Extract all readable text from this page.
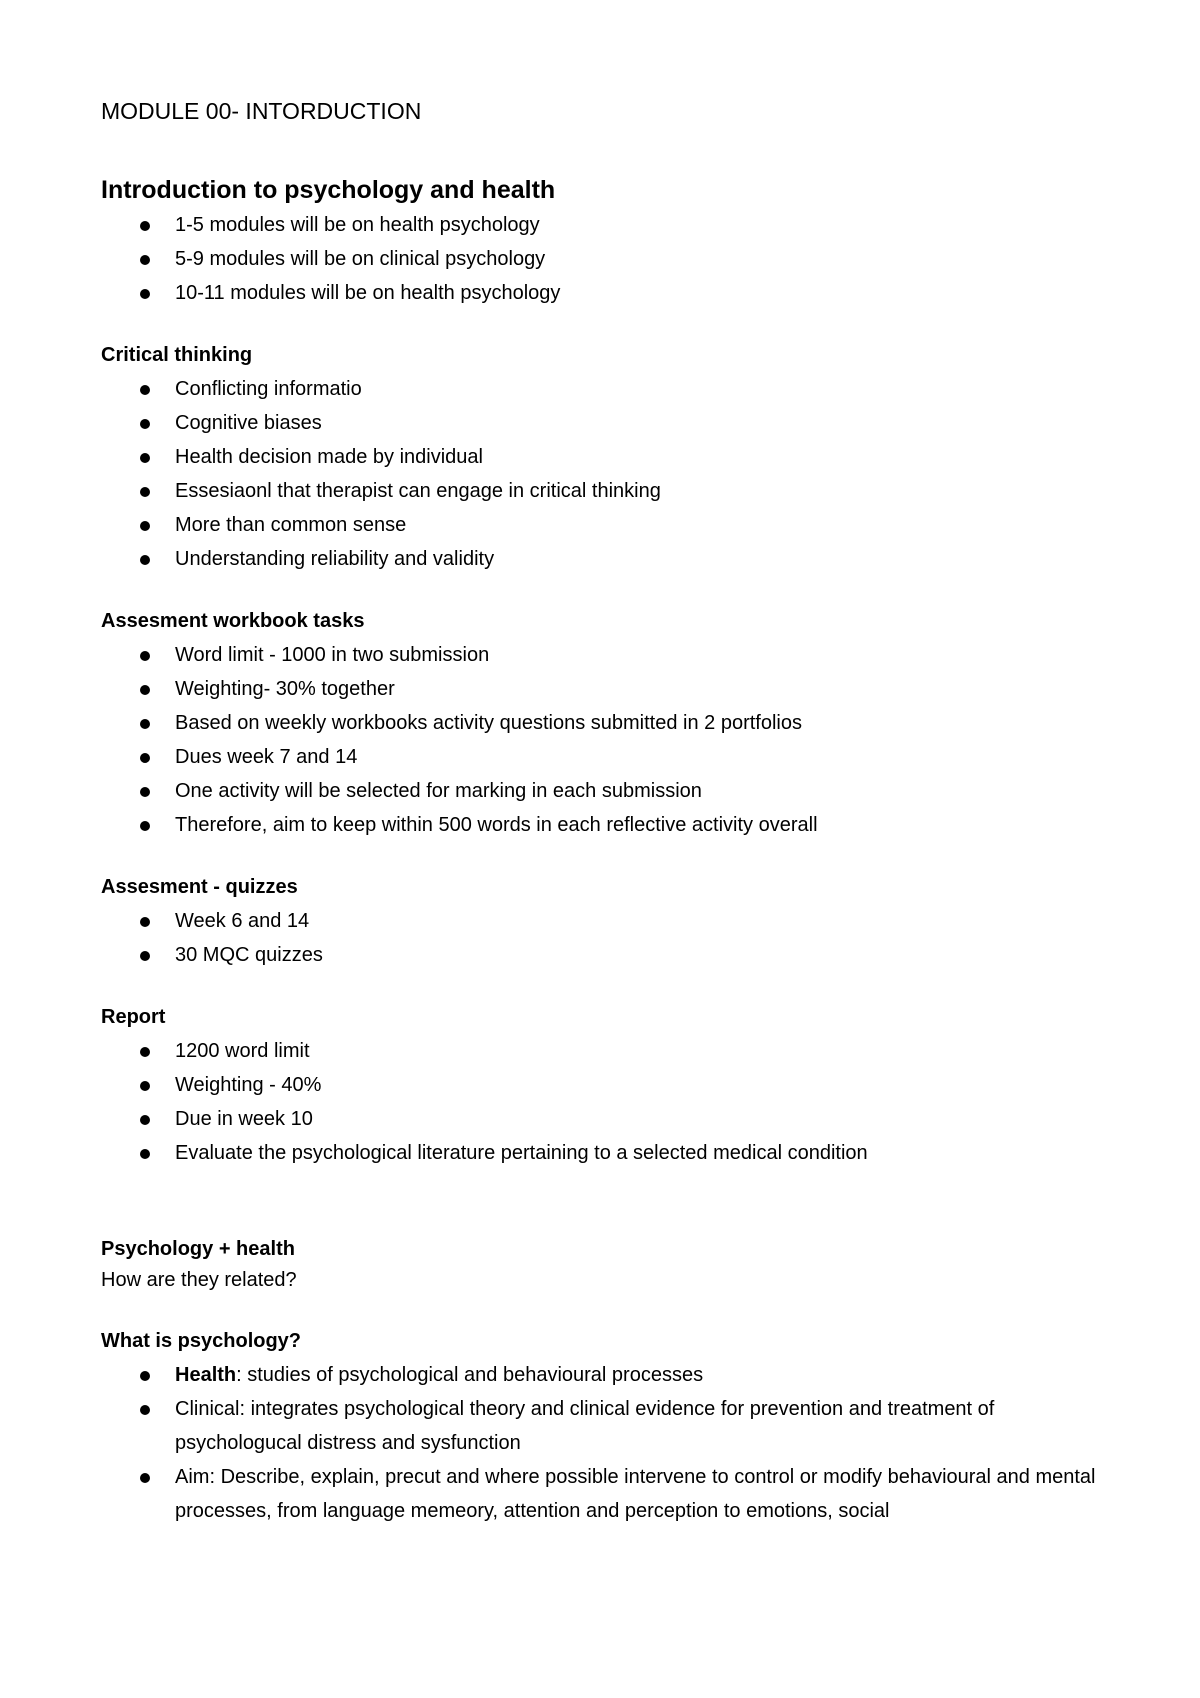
MODULE 00- INTORDUCTION
Introduction to psychology and health
1-5 modules will be on health psychology
5-9 modules will be on clinical psychology
10-11 modules will be on health psychology
Critical thinking
Conflicting informatio
Cognitive biases
Health decision made by individual
Essesiaonl that therapist can engage in critical thinking
More than common sense
Understanding reliability and validity
Assesment workbook tasks
Word limit - 1000 in two submission
Weighting- 30% together
Based on weekly workbooks activity questions submitted in 2 portfolios
Dues week 7 and 14
One activity will be selected for marking in each submission
Therefore, aim to keep within 500 words in each reflective activity overall
Assesment - quizzes
Week 6 and 14
30 MQC quizzes
Report
1200 word limit
Weighting - 40%
Due in week 10
Evaluate the psychological literature pertaining to a selected medical condition
Psychology + health

How are they related?

What is psychology?
Health: studies of psychological and behavioural processes
Clinical: integrates psychological theory and clinical evidence for prevention and treatment of psychologucal distress and sysfunction
Aim: Describe, explain, precut and where possible intervene to control or modify behavioural and mental processes, from language memeory, attention and perception to emotions, social
